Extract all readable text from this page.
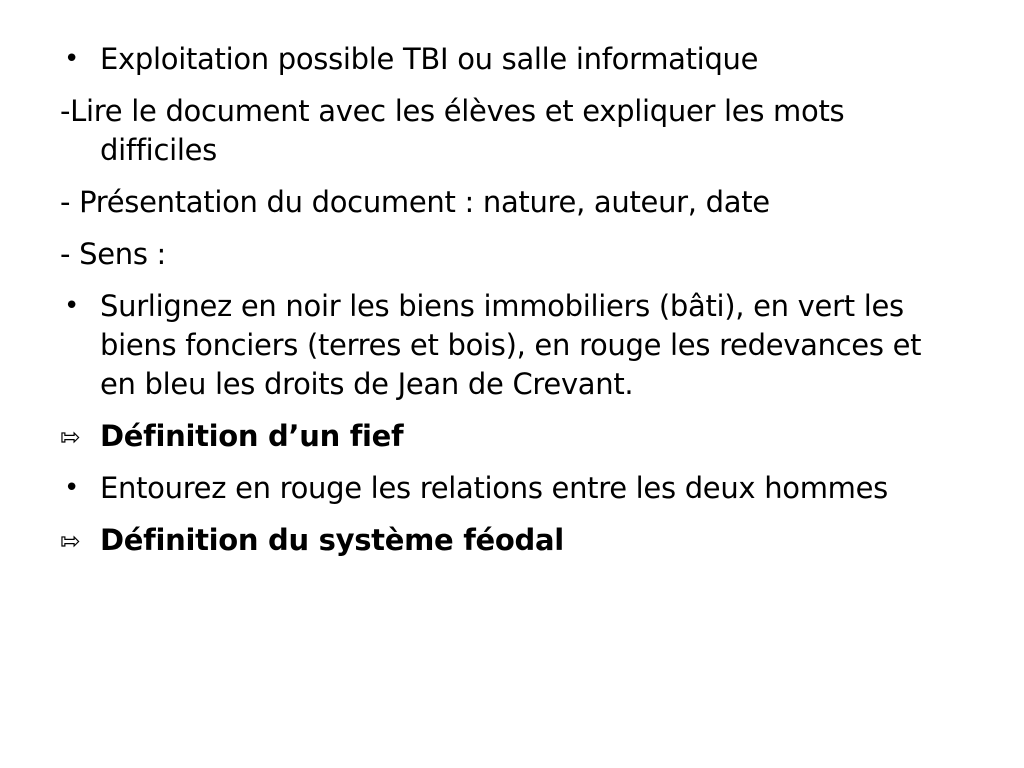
• Exploitation possible TBI ou salle informatique
-Lire le document avec les élèves et expliquer les mots difficiles
- Présentation du document : nature, auteur, date
- Sens :
• Surlignez en noir les biens immobiliers (bâti), en vert les biens fonciers (terres et bois), en rouge les redevances et en bleu les droits de Jean de Crevant.
⇰ Définition d’un fief
• Entourez en rouge les relations entre les deux hommes
⇰ Définition du système féodal
